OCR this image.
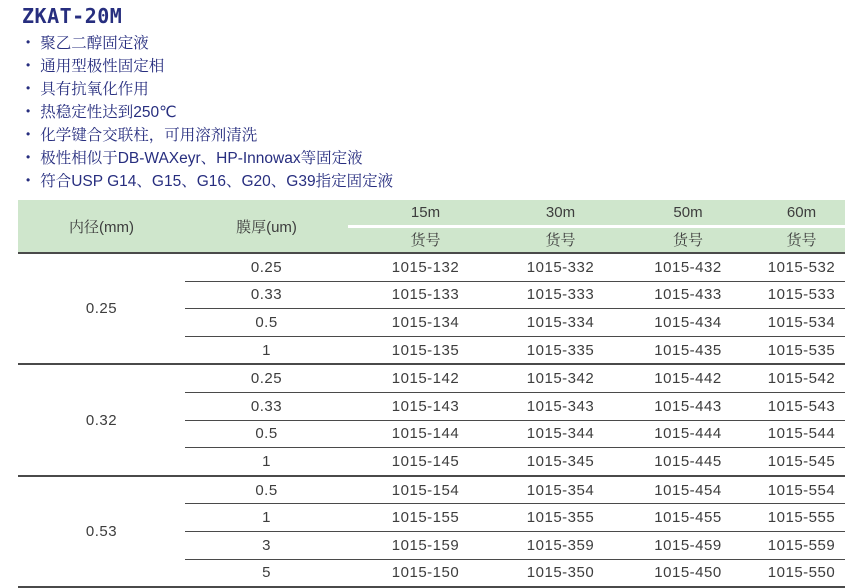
ZKAT-20M
• 聚乙二醇固定液
• 通用型极性固定相
• 具有抗氧化作用
• 热稳定性达到250℃
• 化学键合交联柱，可用溶剂清洗
• 极性相似于DB-WAXeyr、HP-Innowax等固定液
• 符合USP G14、G15、G16、G20、G39指定固定液
内径(mm)	膜厚(um)
15m	30m	50m	60m
货号	货号	货号	货号
0.25
0.25	1015-132	1015-332	1015-432	1015-532
0.33	1015-133	1015-333	1015-433	1015-533
0.5	1015-134	1015-334	1015-434	1015-534
1	1015-135	1015-335	1015-435	1015-535
0.32
0.25	1015-142	1015-342	1015-442	1015-542
0.33	1015-143	1015-343	1015-443	1015-543
0.5	1015-144	1015-344	1015-444	1015-544
1	1015-145	1015-345	1015-445	1015-545
0.53
0.5	1015-154	1015-354	1015-454	1015-554
1	1015-155	1015-355	1015-455	1015-555
3	1015-159	1015-359	1015-459	1015-559
5	1015-150	1015-350	1015-450	1015-550
